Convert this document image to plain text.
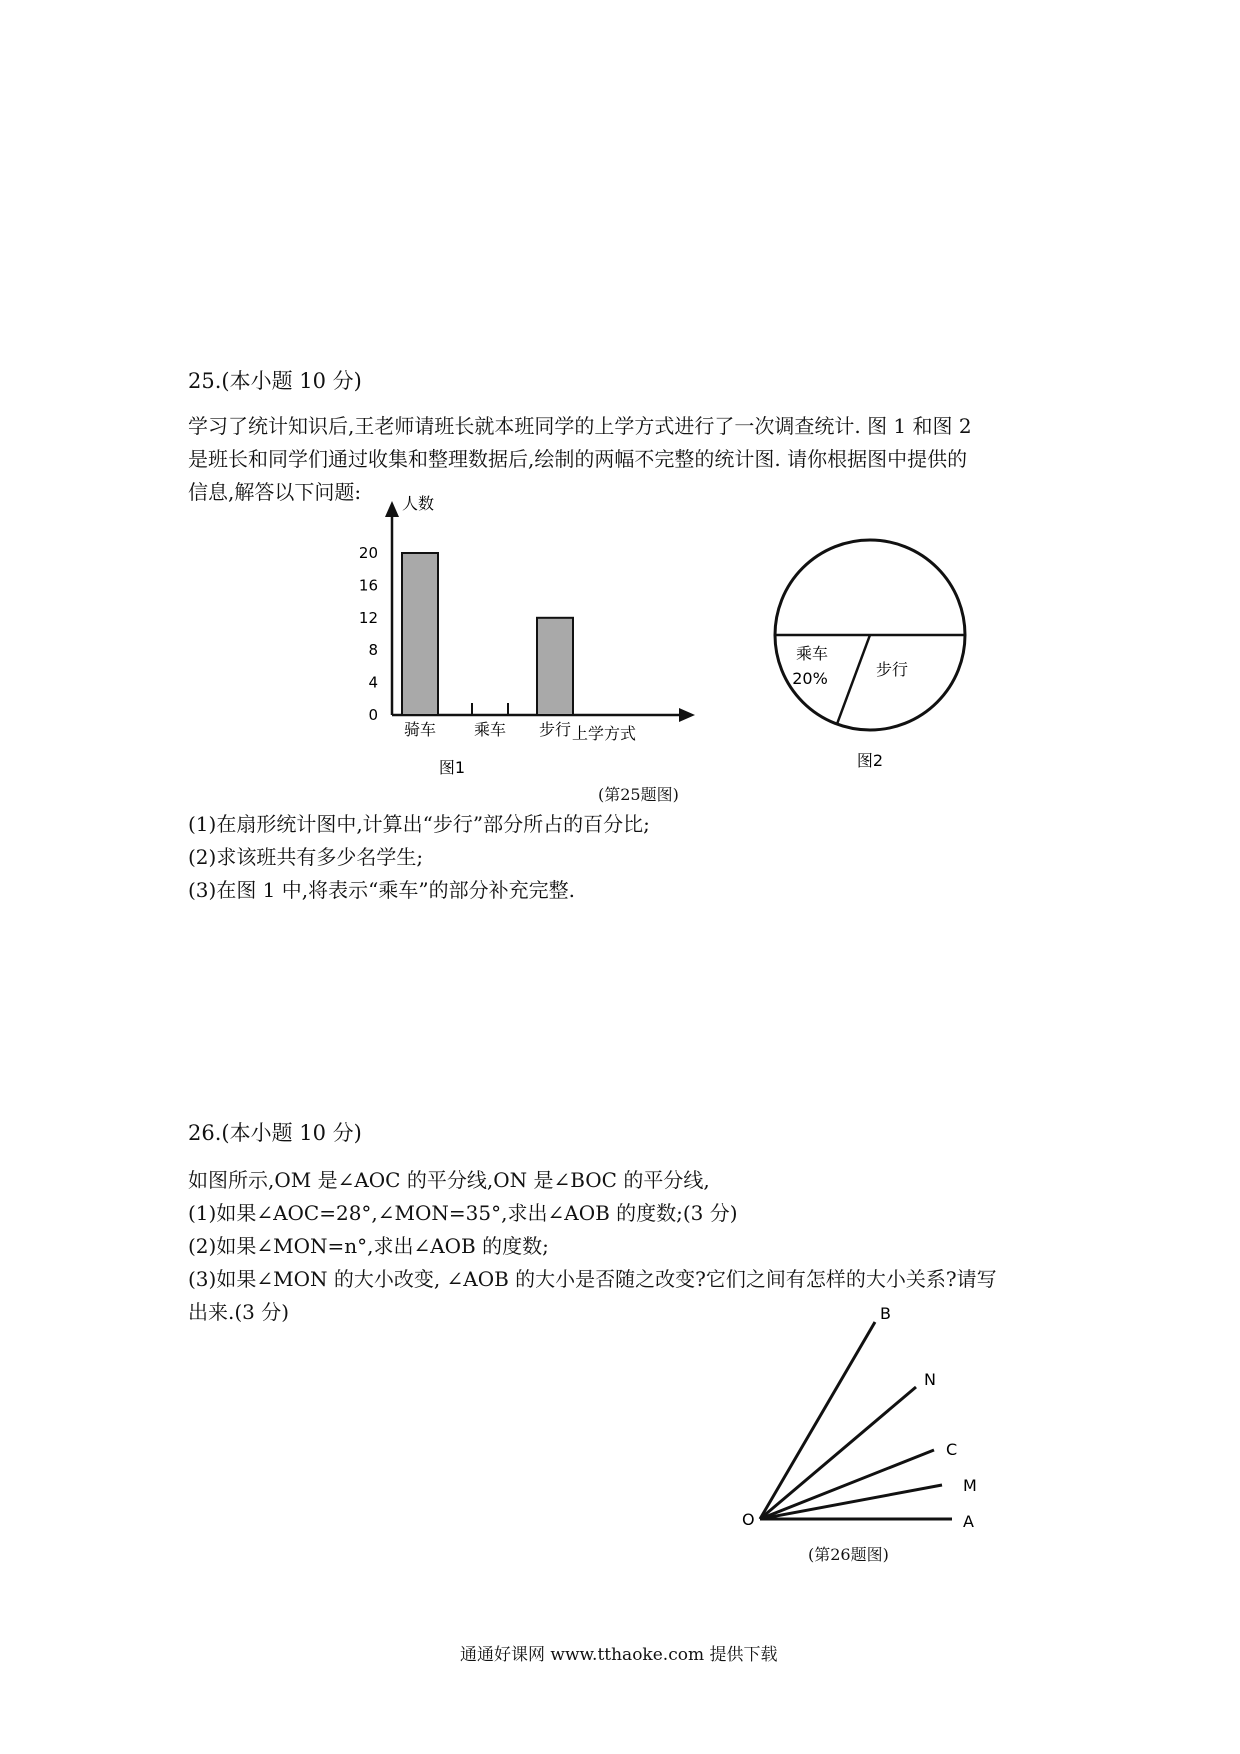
25.(本小题 10 分)
学习了统计知识后,王老师请班长就本班同学的上学方式进行了一次调查统计. 图 1 和图 2
是班长和同学们通过收集和整理数据后,绘制的两幅不完整的统计图. 请你根据图中提供的
信息,解答以下问题:	人数
上学方式
0
4
8
12
16
20
骑车 乘车 步行
图1
乘车
20%	步行
图2
(第25题图)
(1)在扇形统计图中,计算出“步行”部分所占的百分比;
(2)求该班共有多少名学生;
(3)在图 1 中,将表示“乘车”的部分补充完整.
26.(本小题 10 分)
如图所示,OM 是∠AOC 的平分线,ON 是∠BOC 的平分线,
(1)如果∠AOC=28°,∠MON=35°,求出∠AOB 的度数;(3 分)
(2)如果∠MON=n°,求出∠AOB 的度数;
(3)如果∠MON 的大小改变, ∠AOB 的大小是否随之改变?它们之间有怎样的大小关系?请写
出来.(3 分)
O	A
M
C
N
B
(第26题图)
通通好课网 www.tthaoke.com 提供下载
